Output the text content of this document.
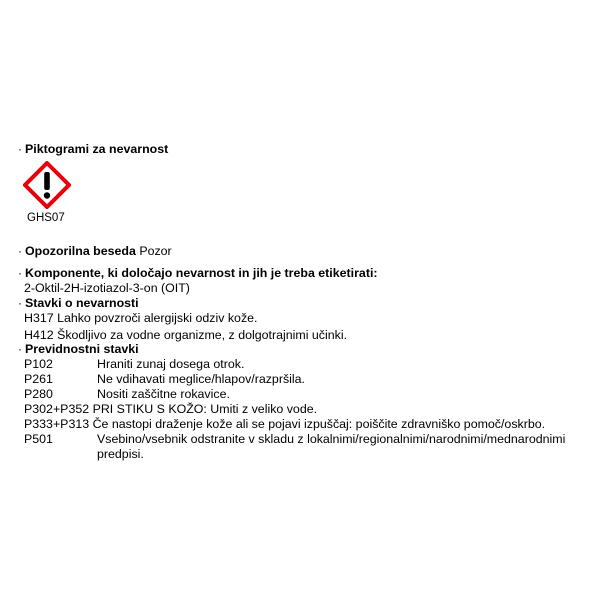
· Piktogrami za nevarnost
GHS07
· Opozorilna beseda Pozor
· Komponente, ki določajo nevarnost in jih je treba etiketirati:
2-Oktil-2H-izotiazol-3-on (OIT)
· Stavki o nevarnosti
H317 Lahko povzroči alergijski odziv kože.
H412 Škodljivo za vodne organizme, z dolgotrajnimi učinki.
· Previdnostni stavki
P102	Hraniti zunaj dosega otrok.
P261	Ne vdihavati meglice/hlapov/razpršila.
P280	Nositi zaščitne rokavice.
P302+P352 PRI STIKU S KOŽO: Umiti z veliko vode.
P333+P313 Če nastopi draženje kože ali se pojavi izpuščaj: poiščite zdravniško pomoč/oskrbo.
P501	Vsebino/vsebnik odstranite v skladu z lokalnimi/regionalnimi/narodnimi/mednarodnimi
predpisi.
